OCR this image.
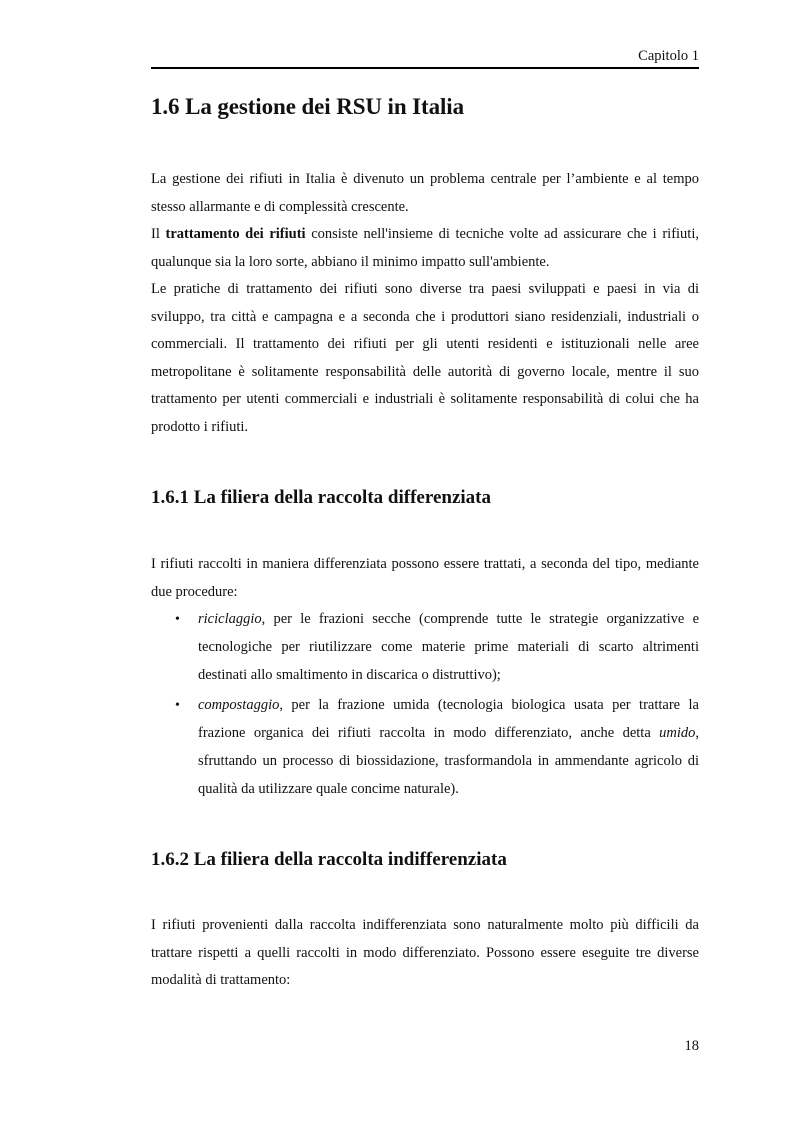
Capitolo 1
1.6 La gestione dei RSU in Italia

La gestione dei rifiuti in Italia è divenuto un problema centrale per l’ambiente e al tempo stesso allarmante e di complessità crescente.

Il trattamento dei rifiuti consiste nell'insieme di tecniche volte ad assicurare che i rifiuti, qualunque sia la loro sorte, abbiano il minimo impatto sull'ambiente.

Le pratiche di trattamento dei rifiuti sono diverse tra paesi sviluppati e paesi in via di sviluppo, tra città e campagna e a seconda che i produttori siano residenziali, industriali o commerciali. Il trattamento dei rifiuti per gli utenti residenti e istituzionali nelle aree metropolitane è solitamente responsabilità delle autorità di governo locale, mentre il suo trattamento per utenti commerciali e industriali è solitamente responsabilità di colui che ha prodotto i rifiuti.

1.6.1 La filiera della raccolta differenziata

I rifiuti raccolti in maniera differenziata possono essere trattati, a seconda del tipo, mediante due procedure:

• riciclaggio, per le frazioni secche (comprende tutte le strategie organizzative e tecnologiche per riutilizzare come materie prime materiali di scarto altrimenti destinati allo smaltimento in discarica o distruttivo);
• compostaggio, per la frazione umida (tecnologia biologica usata per trattare la frazione organica dei rifiuti raccolta in modo differenziato, anche detta umido, sfruttando un processo di biossidazione, trasformandola in ammendante agricolo di qualità da utilizzare quale concime naturale).
1.6.2 La filiera della raccolta indifferenziata

I rifiuti provenienti dalla raccolta indifferenziata sono naturalmente molto più difficili da trattare rispetti a quelli raccolti in modo differenziato. Possono essere eseguite tre diverse modalità di trattamento:

18
